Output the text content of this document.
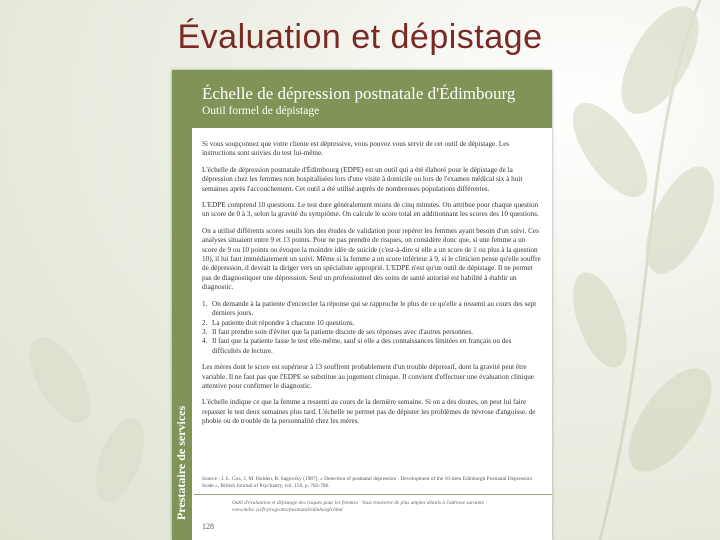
Évaluation et dépistage
Échelle de dépression postnatale d'Édimbourg
Outil formel de dépistage
Prestataire de services

Si vous soupçonnez que votre cliente est dépressive, vous pouvez vous servir de cet outil de dépistage. Les instructions sont suivies du test lui-même.

L'échelle de dépression postnatale d'Édimbourg (EDPE) est un outil qui a été élaboré pour le dépistage de la dépression chez les femmes non hospitalisées lors d'une visite à domicile ou lors de l'examen médical six à huit semaines après l'accouchement. Cet outil a été utilisé auprès de nombreuses populations différentes.

L'EDPE comprend 10 questions. Le test dure généralement moins de cinq minutes. On attribue pour chaque question un score de 0 à 3, selon la gravité du symptôme. On calcule le score total en additionnant les scores des 10 questions.

On a utilisé différents scores seuils lors des études de validation pour repérer les femmes ayant besoin d'un suivi. Ces analyses situaient entre 9 et 13 points. Pour ne pas prendre de risques, on considère donc que, si une femme a un score de 9 ou 10 points ou évoque la moindre idée de suicide (c'est-à-dire si elle a un score de 1 ou plus à la question 10), il lui faut immédiatement un suivi. Même si la femme a un score inférieur à 9, si le clinicien pense qu'elle souffre de dépression, il devrait la diriger vers un spécialiste approprié. L'EDPE n'est qu'un outil de dépistage. Il ne permet pas de diagnostiquer une dépression. Seul un professionnel des soins de santé autorisé est habilité à établir un diagnostic.

1. On demande à la patiente d'encercler la réponse qui se rapproche le plus de ce qu'elle a ressenti au cours des sept derniers jours.
2. La patiente doit répondre à chacune 10 questions.
3. Il faut prendre soin d'éviter que la patiente discute de ses réponses avec d'autres personnes.
4. Il faut que la patiente fasse le test elle-même, sauf si elle a des connaissances limitées en français ou des difficultés de lecture.

Les mères dont le score est supérieur à 13 souffrent probablement d'un trouble dépressif, dont la gravité peut être variable. Il ne faut pas que l'EDPE se substitue au jugement clinique. Il convient d'effectuer une évaluation clinique attentive pour confirmer le diagnostic.

L'échelle indique ce que la femme a ressenti au cours de la dernière semaine. Si on a des doutes, on peut lui faire repasser le test deux semaines plus tard. L'échelle ne permet pas de dépister les problèmes de névrose d'angoisse, de phobie ou de trouble de la personnalité chez les mères.

Source : J. L. Cox, J. M. Holden, R. Sagovsky (1987), « Detection of postnatal depression : Development of the 10-item Edinburgh Postnatal Depression Scale », British Journal of Psychiatry, vol. 150, p. 782-786.
Outil d'évaluation et dépistage des risques pour les femmes · Vous trouverez de plus amples détails à l'adresse suivante : www.mdsc.ca/fr/programs/postnatal/edinburgh.html
128
